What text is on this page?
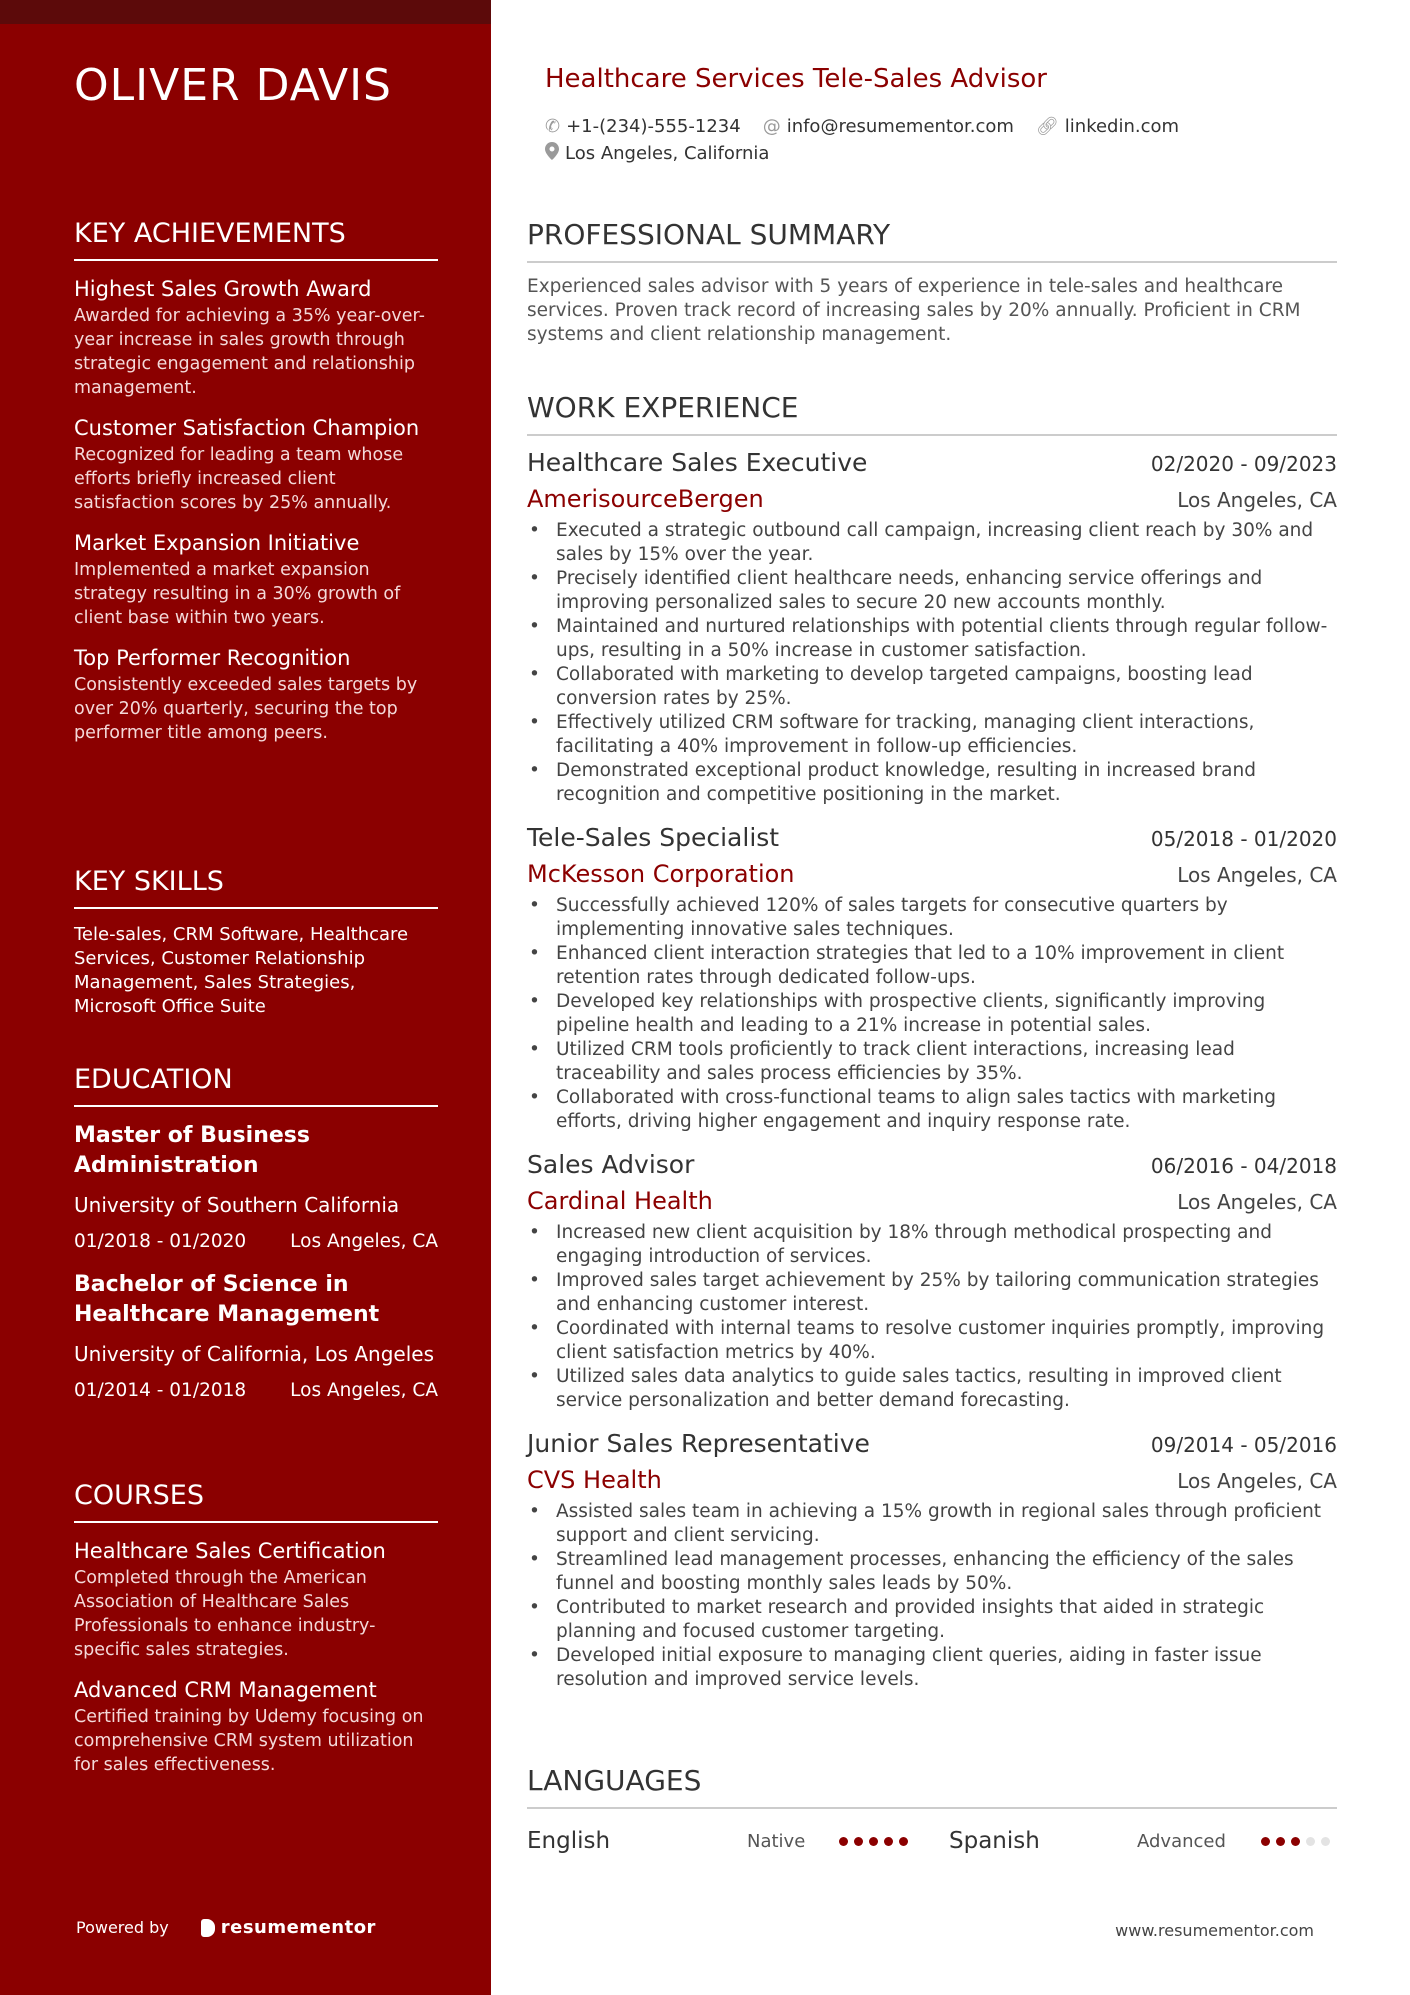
OLIVER DAVIS
KEY ACHIEVEMENTS
Highest Sales Growth Award
Awarded for achieving a 35% year-over-year increase in sales growth through strategic engagement and relationship management.
Customer Satisfaction Champion
Recognized for leading a team whose efforts briefly increased client satisfaction scores by 25% annually.
Market Expansion Initiative
Implemented a market expansion strategy resulting in a 30% growth of client base within two years.
Top Performer Recognition
Consistently exceeded sales targets by over 20% quarterly, securing the top performer title among peers.
KEY SKILLS
Tele-sales, CRM Software, Healthcare Services, Customer Relationship Management, Sales Strategies, Microsoft Office Suite
EDUCATION
Master of Business Administration
University of Southern California
01/2018 - 01/2020 Los Angeles, CA
Bachelor of Science in Healthcare Management
University of California, Los Angeles
01/2014 - 01/2018 Los Angeles, CA
COURSES
Healthcare Sales Certification
Completed through the American Association of Healthcare Sales Professionals to enhance industry-specific sales strategies.
Advanced CRM Management
Certified training by Udemy focusing on comprehensive CRM system utilization for sales effectiveness.
Powered by	resumementor
Healthcare Services Tele-Sales Advisor
✆ +1-(234)-555-1234 @ info@resumementor.com 🔗︎ linkedin.com
Los Angeles, California
PROFESSIONAL SUMMARY
Experienced sales advisor with 5 years of experience in tele-sales and healthcare services. Proven track record of increasing sales by 20% annually. Proficient in CRM systems and client relationship management.
WORK EXPERIENCE
Healthcare Sales Executive	02/2020 - 09/2023
AmerisourceBergen	Los Angeles, CA
• Executed a strategic outbound call campaign, increasing client reach by 30% and sales by 15% over the year.
• Precisely identified client healthcare needs, enhancing service offerings and improving personalized sales to secure 20 new accounts monthly.
• Maintained and nurtured relationships with potential clients through regular follow-ups, resulting in a 50% increase in customer satisfaction.
• Collaborated with marketing to develop targeted campaigns, boosting lead conversion rates by 25%.
• Effectively utilized CRM software for tracking, managing client interactions, facilitating a 40% improvement in follow-up efficiencies.
• Demonstrated exceptional product knowledge, resulting in increased brand recognition and competitive positioning in the market.
Tele-Sales Specialist	05/2018 - 01/2020
McKesson Corporation	Los Angeles, CA
• Successfully achieved 120% of sales targets for consecutive quarters by implementing innovative sales techniques.
• Enhanced client interaction strategies that led to a 10% improvement in client retention rates through dedicated follow-ups.
• Developed key relationships with prospective clients, significantly improving pipeline health and leading to a 21% increase in potential sales.
• Utilized CRM tools proficiently to track client interactions, increasing lead traceability and sales process efficiencies by 35%.
• Collaborated with cross-functional teams to align sales tactics with marketing efforts, driving higher engagement and inquiry response rate.
Sales Advisor	06/2016 - 04/2018
Cardinal Health	Los Angeles, CA
• Increased new client acquisition by 18% through methodical prospecting and engaging introduction of services.
• Improved sales target achievement by 25% by tailoring communication strategies and enhancing customer interest.
• Coordinated with internal teams to resolve customer inquiries promptly, improving client satisfaction metrics by 40%.
• Utilized sales data analytics to guide sales tactics, resulting in improved client service personalization and better demand forecasting.
Junior Sales Representative	09/2014 - 05/2016
CVS Health	Los Angeles, CA
• Assisted sales team in achieving a 15% growth in regional sales through proficient support and client servicing.
• Streamlined lead management processes, enhancing the efficiency of the sales funnel and boosting monthly sales leads by 50%.
• Contributed to market research and provided insights that aided in strategic planning and focused customer targeting.
• Developed initial exposure to managing client queries, aiding in faster issue resolution and improved service levels.
LANGUAGES
English	Native	Spanish	Advanced
www.resumementor.com
